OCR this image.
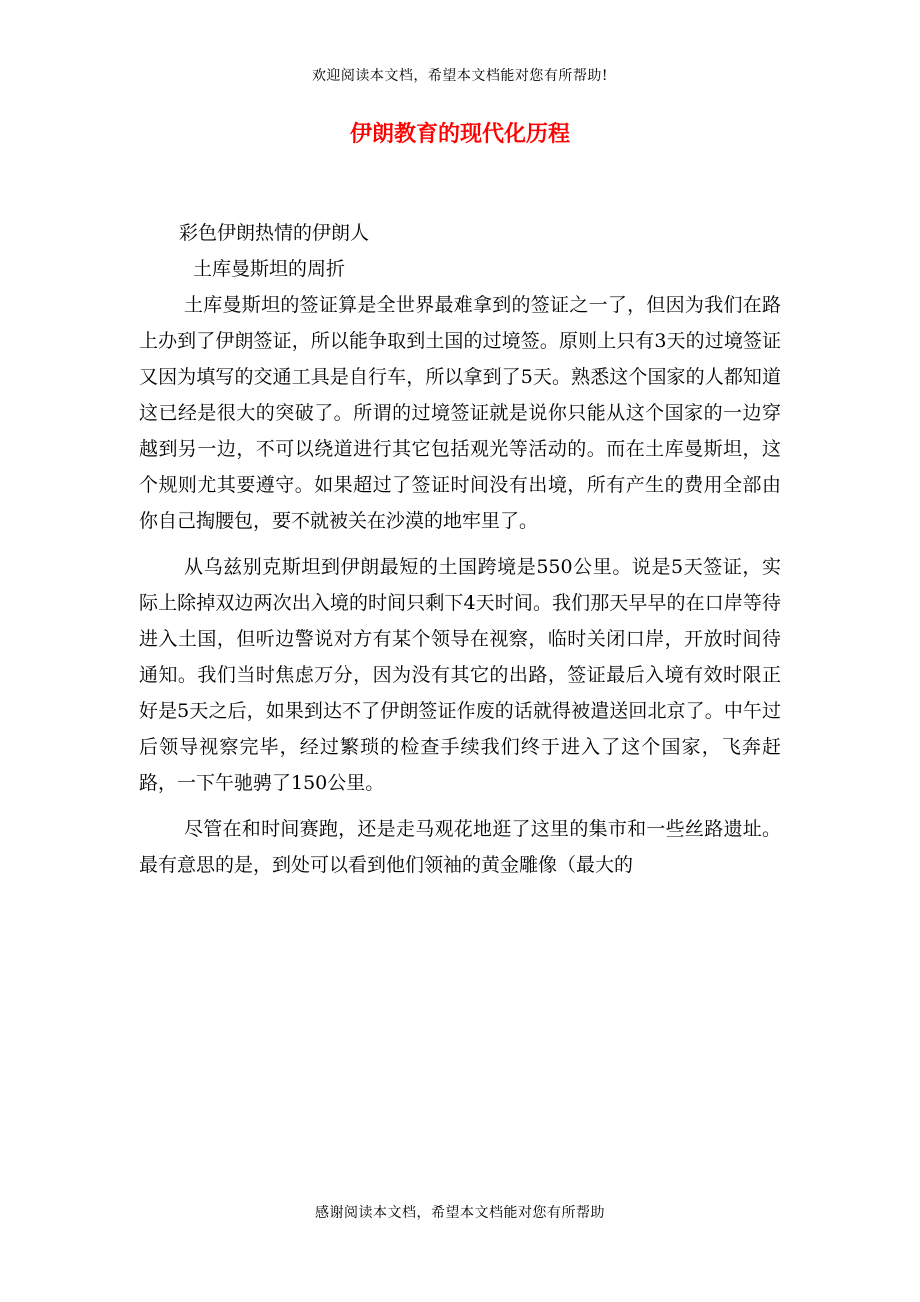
欢迎阅读本文档，希望本文档能对您有所帮助!
伊朗教育的现代化历程

彩色伊朗热情的伊朗人

土库曼斯坦的周折

土库曼斯坦的签证算是全世界最难拿到的签证之一了，但因为我们在路上办到了伊朗签证，所以能争取到土国的过境签。原则上只有3天的过境签证又因为填写的交通工具是自行车，所以拿到了5天。熟悉这个国家的人都知道这已经是很大的突破了。所谓的过境签证就是说你只能从这个国家的一边穿越到另一边，不可以绕道进行其它包括观光等活动的。而在土库曼斯坦，这个规则尤其要遵守。如果超过了签证时间没有出境，所有产生的费用全部由你自己掏腰包，要不就被关在沙漠的地牢里了。

从乌兹别克斯坦到伊朗最短的土国跨境是550公里。说是5天签证，实际上除掉双边两次出入境的时间只剩下4天时间。我们那天早早的在口岸等待进入土国，但听边警说对方有某个领导在视察，临时关闭口岸，开放时间待通知。我们当时焦虑万分，因为没有其它的出路，签证最后入境有效时限正好是5天之后，如果到达不了伊朗签证作废的话就得被遣送回北京了。中午过后领导视察完毕，经过繁琐的检查手续我们终于进入了这个国家，飞奔赶路，一下午驰骋了150公里。

尽管在和时间赛跑，还是走马观花地逛了这里的集市和一些丝路遗址。最有意思的是，到处可以看到他们领袖的黄金雕像（最大的

感谢阅读本文档，希望本文档能对您有所帮助
